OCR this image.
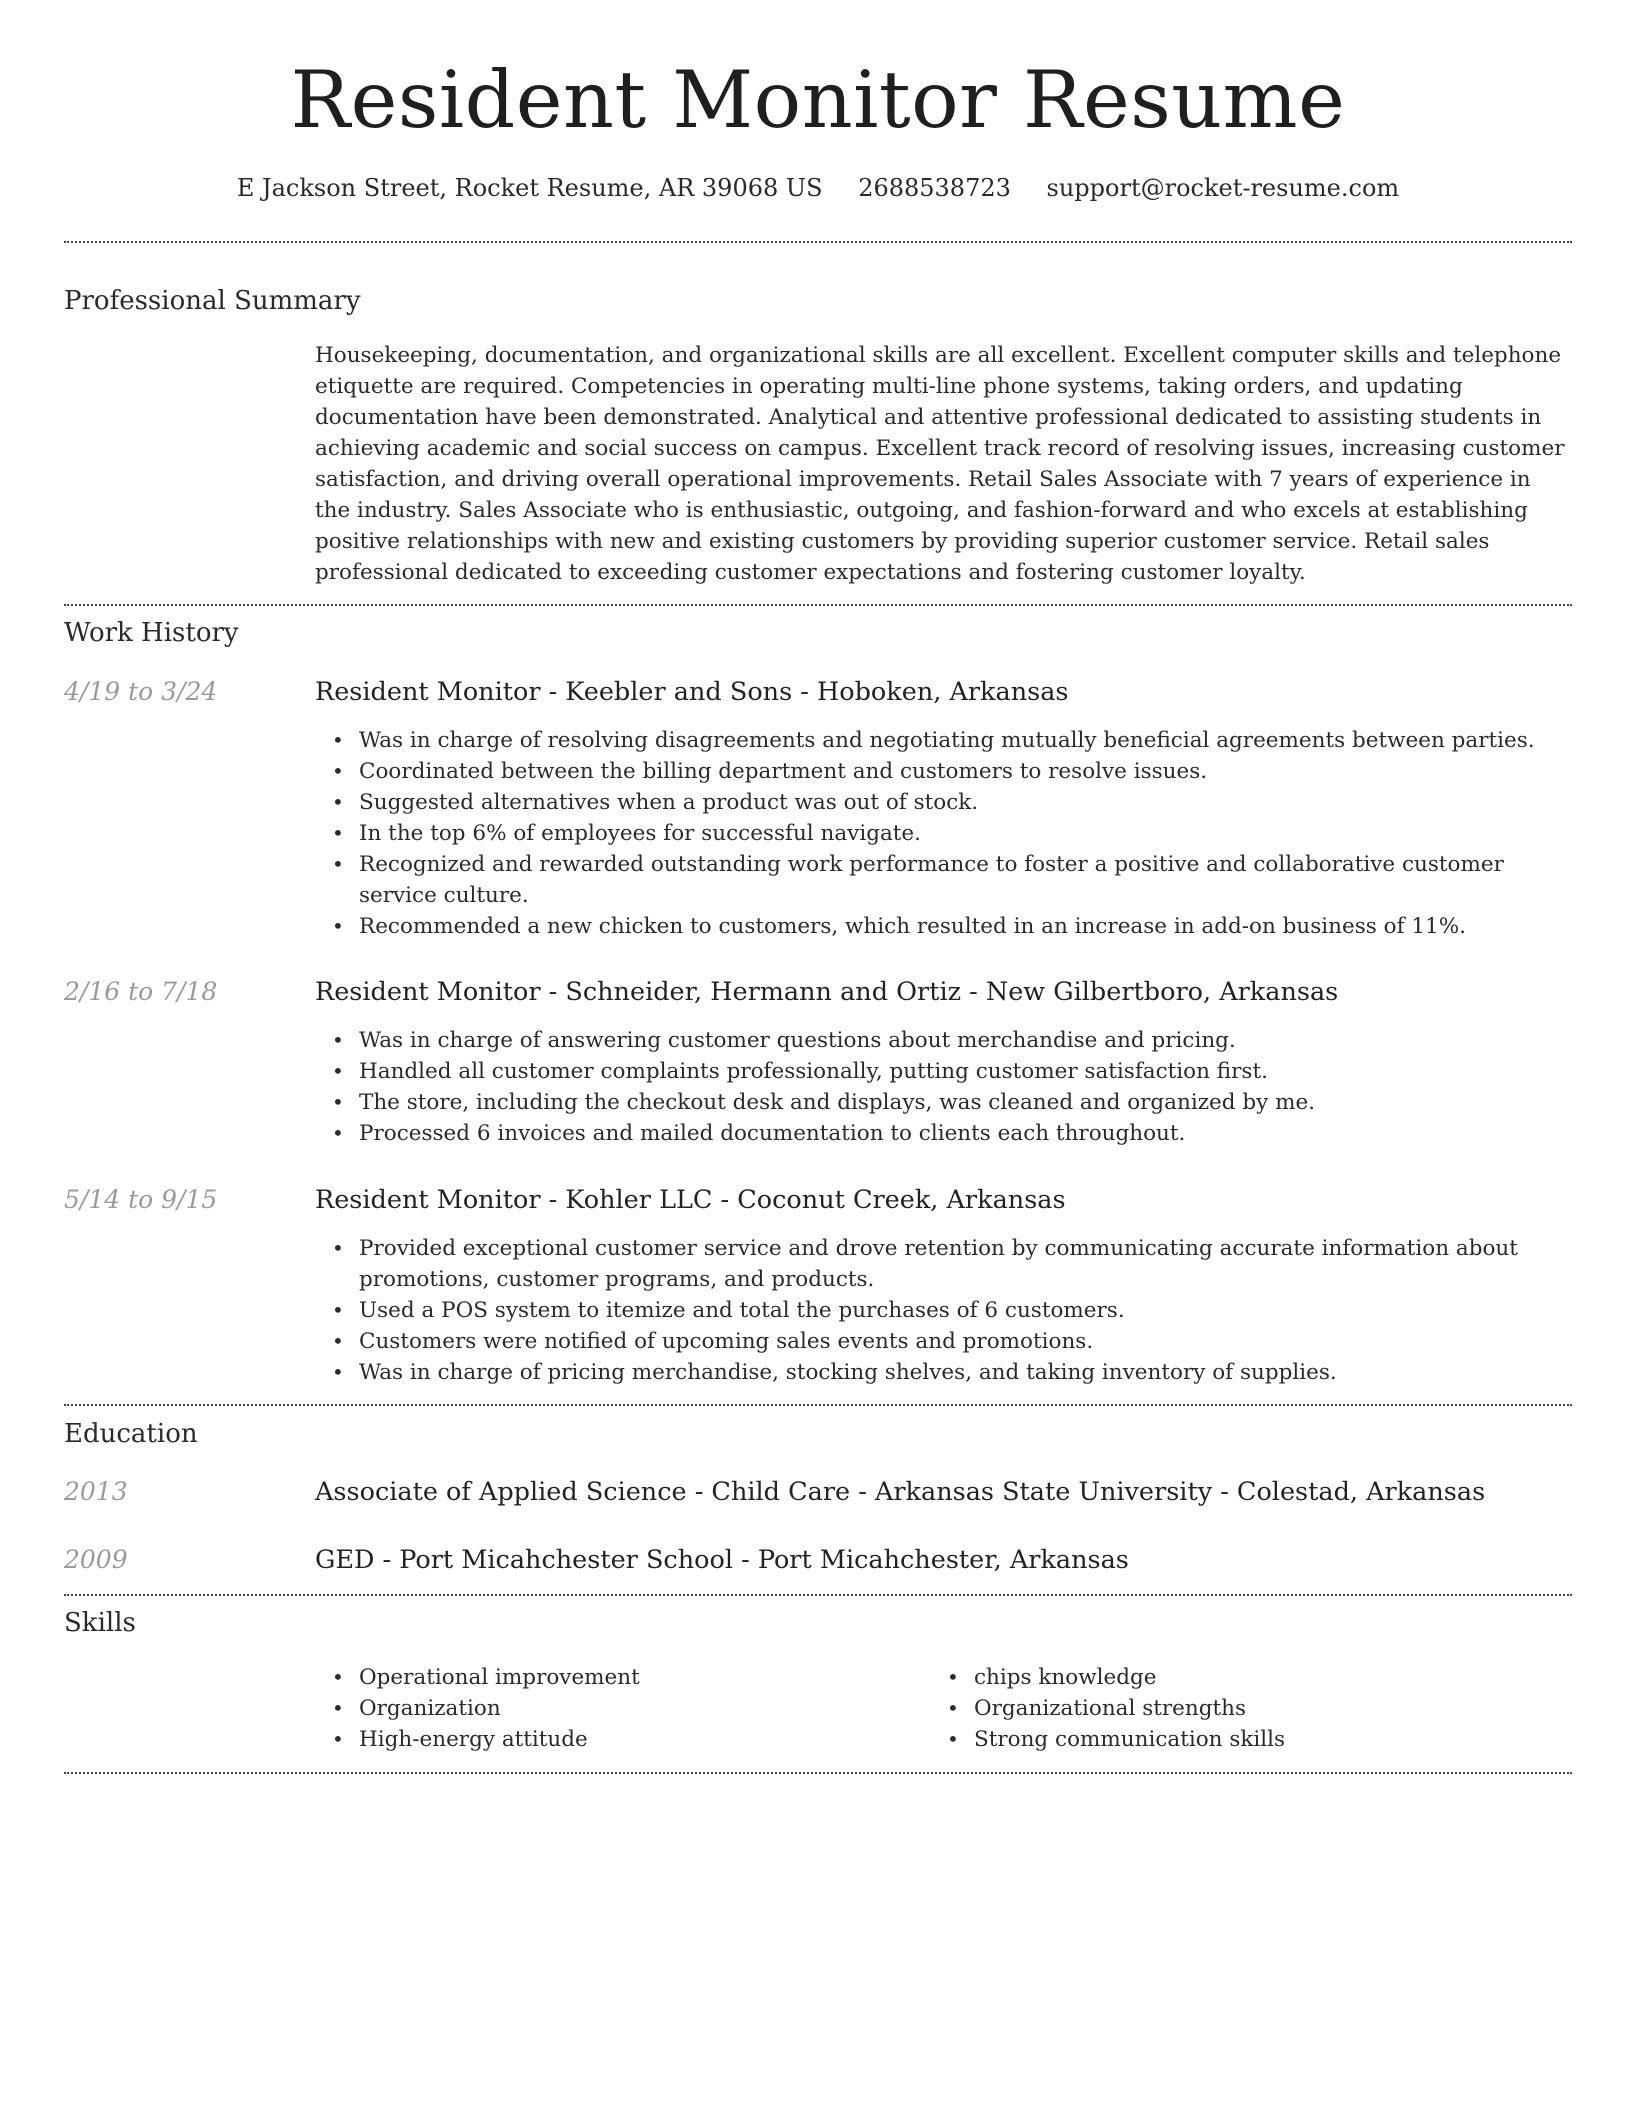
Resident Monitor Resume
E Jackson Street, Rocket Resume, AR 39068 US 2688538723 support@rocket-resume.com
Professional Summary

Housekeeping, documentation, and organizational skills are all excellent. Excellent computer skills and telephone etiquette are required. Competencies in operating multi-line phone systems, taking orders, and updating documentation have been demonstrated. Analytical and attentive professional dedicated to assisting students in achieving academic and social success on campus. Excellent track record of resolving issues, increasing customer satisfaction, and driving overall operational improvements. Retail Sales Associate with 7 years of experience in the industry. Sales Associate who is enthusiastic, outgoing, and fashion-forward and who excels at establishing positive relationships with new and existing customers by providing superior customer service. Retail sales professional dedicated to exceeding customer expectations and fostering customer loyalty.

Work History
4/19 to 3/24	Resident Monitor - Keebler and Sons - Hoboken, Arkansas
• Was in charge of resolving disagreements and negotiating mutually beneficial agreements between parties.
• Coordinated between the billing department and customers to resolve issues.
• Suggested alternatives when a product was out of stock.
• In the top 6% of employees for successful navigate.
• Recognized and rewarded outstanding work performance to foster a positive and collaborative customer service culture.
• Recommended a new chicken to customers, which resulted in an increase in add-on business of 11%.
2/16 to 7/18	Resident Monitor - Schneider, Hermann and Ortiz - New Gilbertboro, Arkansas
• Was in charge of answering customer questions about merchandise and pricing.
• Handled all customer complaints professionally, putting customer satisfaction first.
• The store, including the checkout desk and displays, was cleaned and organized by me.
• Processed 6 invoices and mailed documentation to clients each throughout.
5/14 to 9/15	Resident Monitor - Kohler LLC - Coconut Creek, Arkansas
• Provided exceptional customer service and drove retention by communicating accurate information about promotions, customer programs, and products.
• Used a POS system to itemize and total the purchases of 6 customers.
• Customers were notified of upcoming sales events and promotions.
• Was in charge of pricing merchandise, stocking shelves, and taking inventory of supplies.
Education
2013	Associate of Applied Science - Child Care - Arkansas State University - Colestad, Arkansas
2009	GED - Port Micahchester School - Port Micahchester, Arkansas
Skills
• Operational improvement
• Organization
• High-energy attitude
• chips knowledge
• Organizational strengths
• Strong communication skills
